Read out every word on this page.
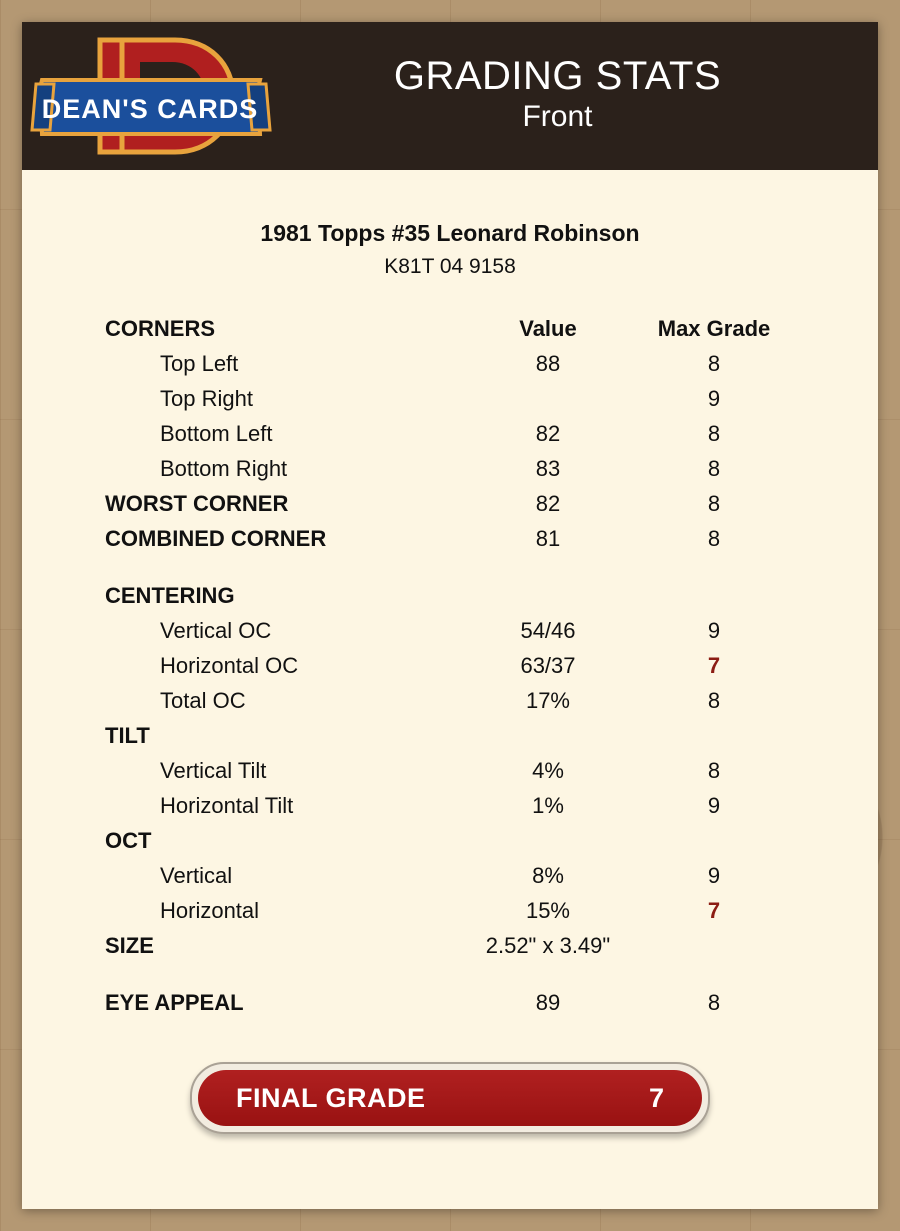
DEAN'S CARDS
GRADING STATS
Front
1981 Topps #35 Leonard Robinson
K81T 04 9158
CORNERS	Value	Max Grade
Top Left	88	8
Top Right		9
Bottom Left	82	8
Bottom Right	83	8
WORST CORNER	82	8
COMBINED CORNER	81	8

CENTERING		
Vertical OC	54/46	9
Horizontal OC	63/37	7
Total OC	17%	8
TILT		
Vertical Tilt	4%	8
Horizontal Tilt	1%	9
OCT		
Vertical	8%	9
Horizontal	15%	7
SIZE	2.52" x 3.49"	

EYE APPEAL	89	8
FINAL GRADE	7
